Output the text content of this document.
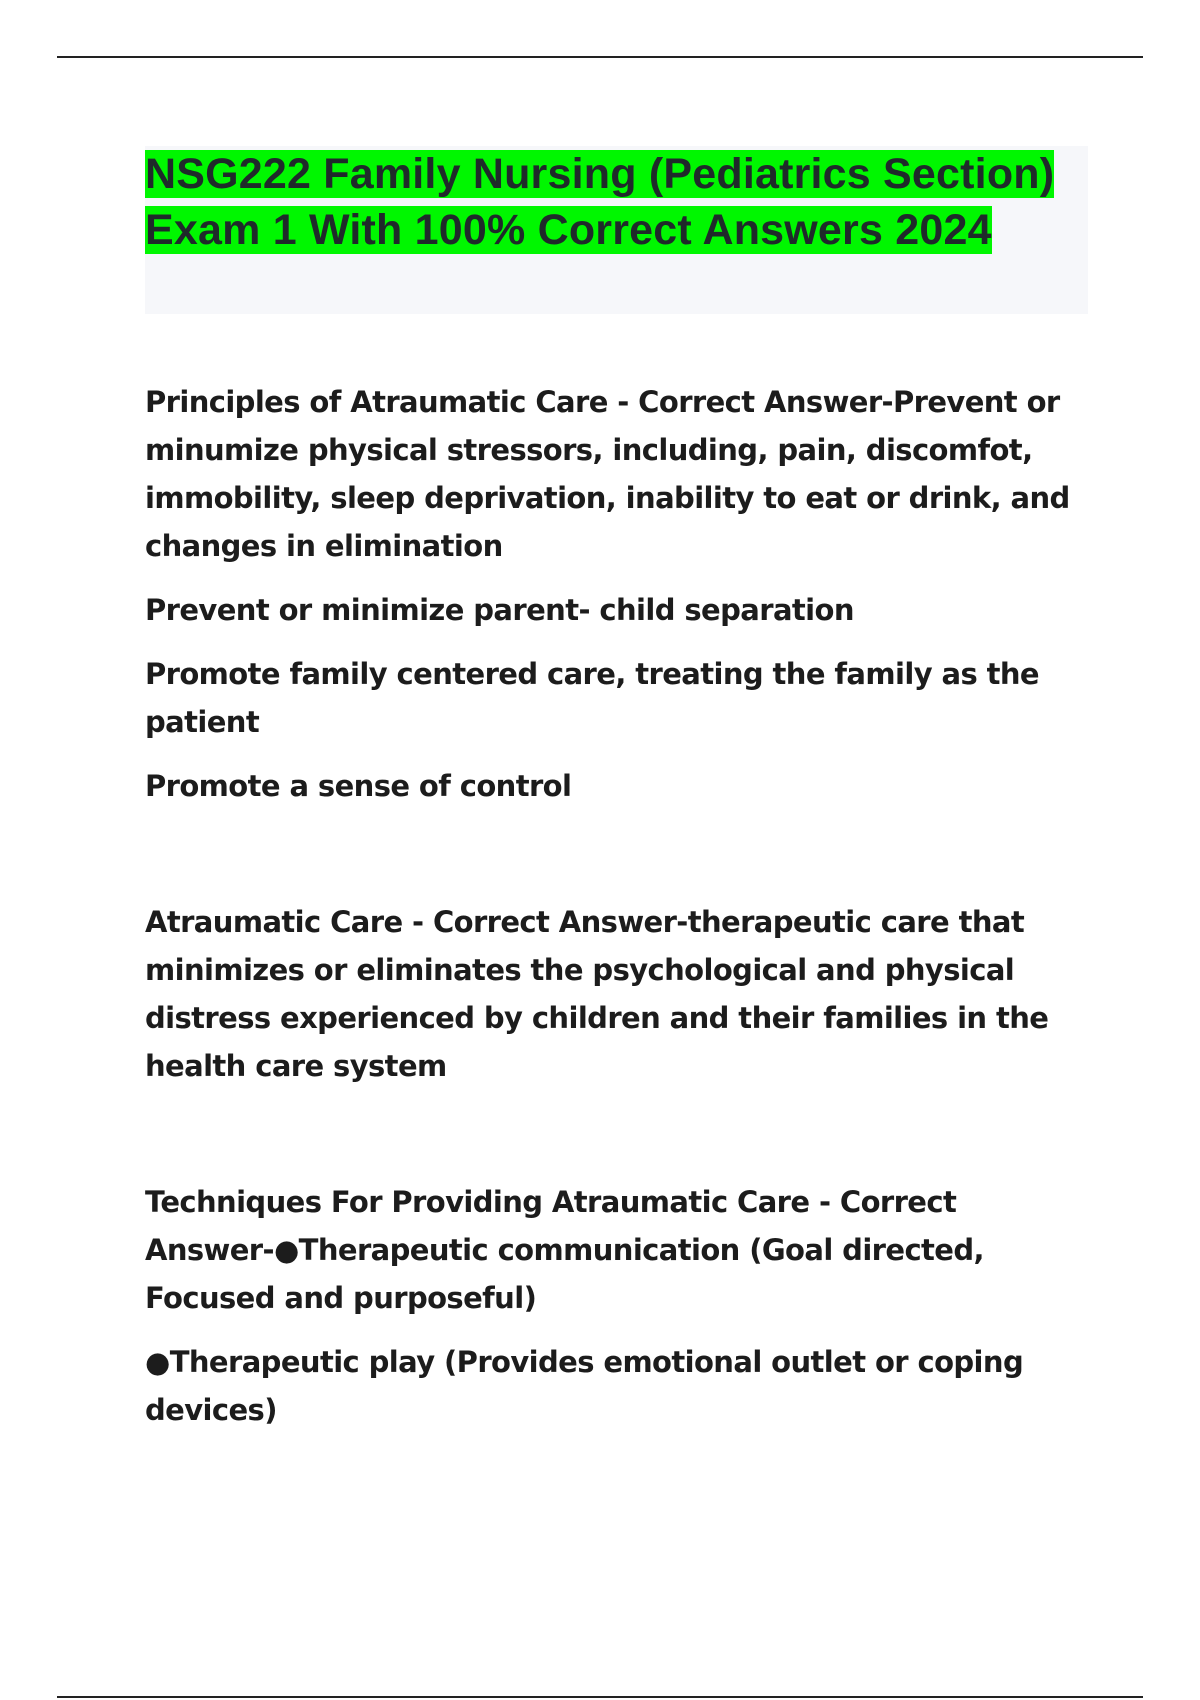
NSG222 Family Nursing (Pediatrics Section) Exam 1 With 100% Correct Answers 2024

Principles of Atraumatic Care - Correct Answer-Prevent or minumize physical stressors, including, pain, discomfot, immobility, sleep deprivation, inability to eat or drink, and changes in elimination

Prevent or minimize parent- child separation

Promote family centered care, treating the family as the patient

Promote a sense of control

Atraumatic Care - Correct Answer-therapeutic care that minimizes or eliminates the psychological and physical distress experienced by children and their families in the health care system

Techniques For Providing Atraumatic Care - Correct Answer-●Therapeutic communication (Goal directed, Focused and purposeful)

●Therapeutic play (Provides emotional outlet or coping devices)
